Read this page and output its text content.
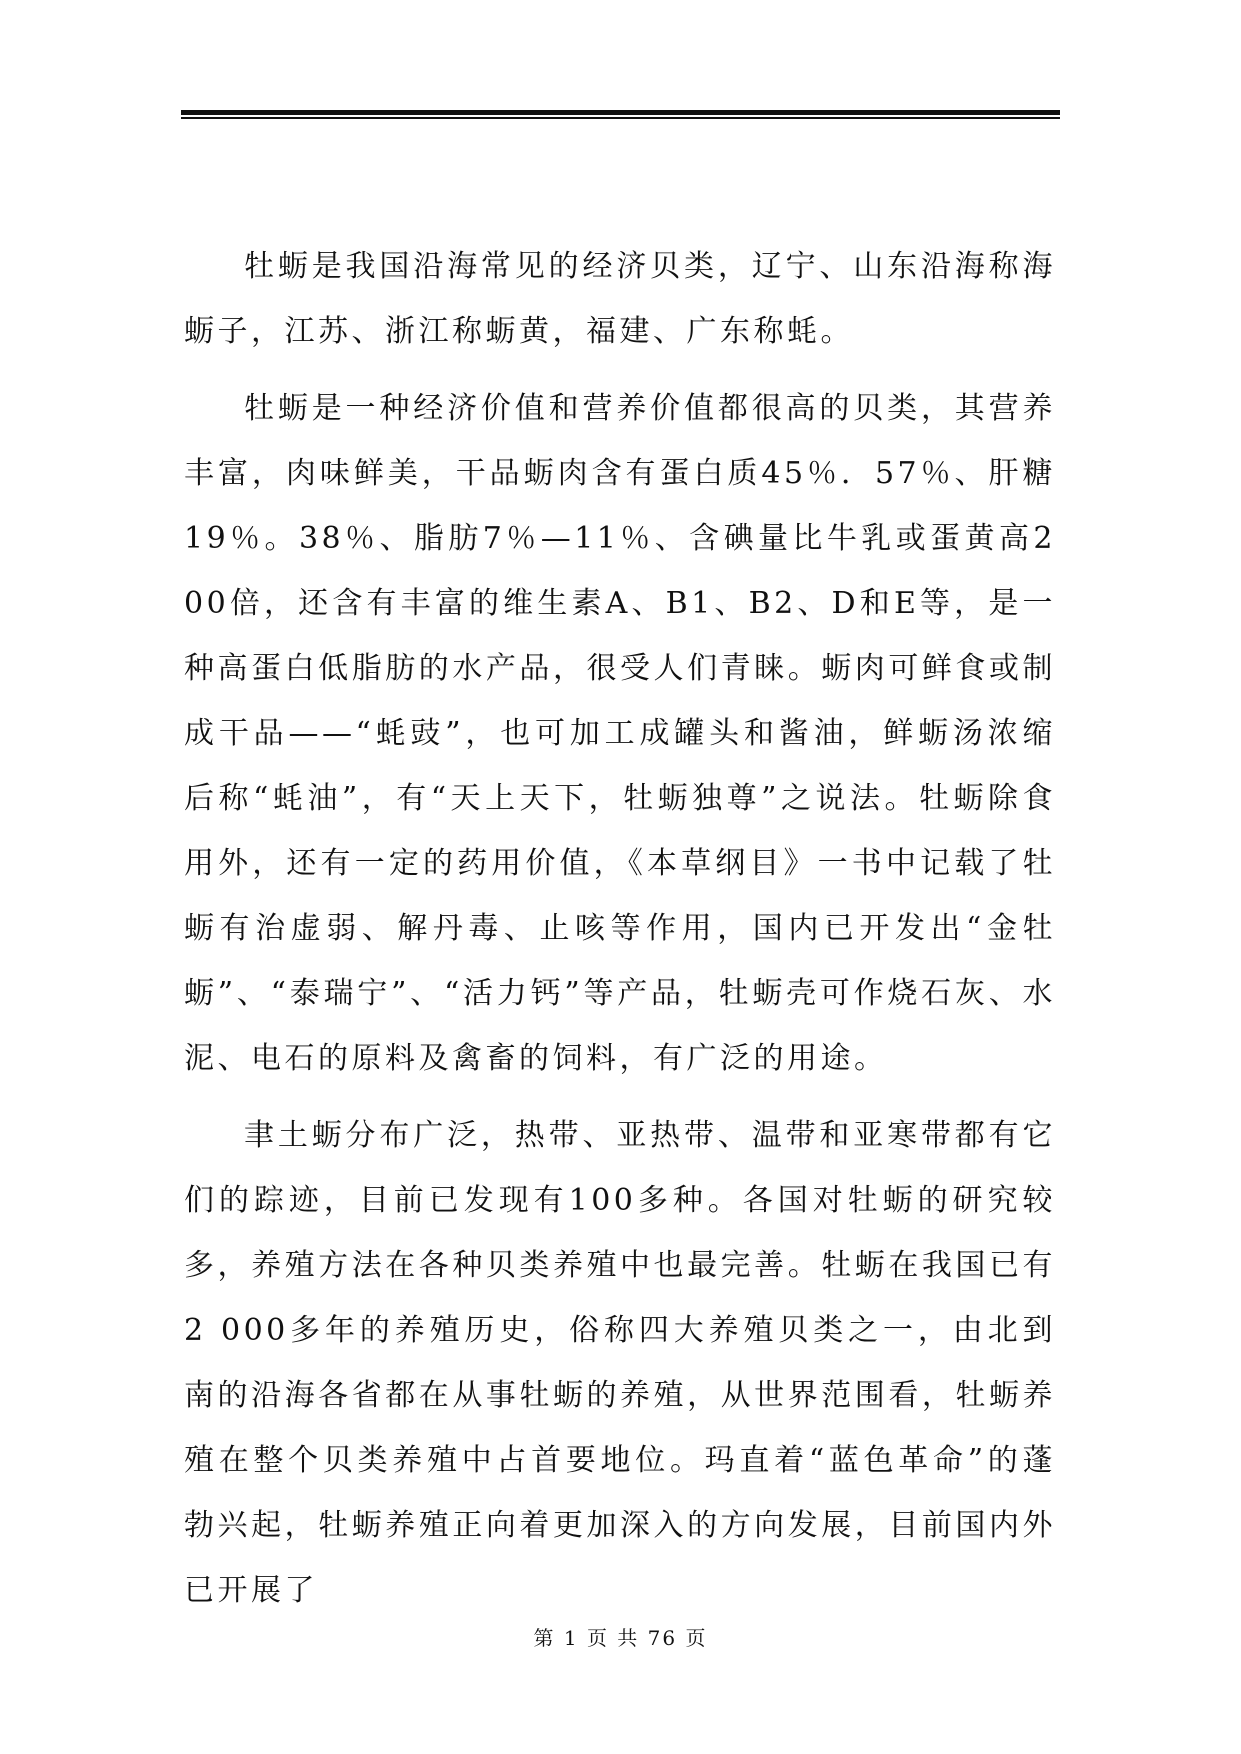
牡蛎是我国沿海常见的经济贝类，辽宁、山东沿海称海蛎子，江苏、浙江称蛎黄，福建、广东称蚝。

牡蛎是一种经济价值和营养价值都很高的贝类，其营养丰富，肉味鲜美，干品蛎肉含有蛋白质45％．57％、肝糖19％。38％、脂肪7％—11％、含碘量比牛乳或蛋黄高200倍，还含有丰富的维生素A、B1、B2、D和E等，是一种高蛋白低脂肪的水产品，很受人们青睐。蛎肉可鲜食或制成干品——“蚝豉”，也可加工成罐头和酱油，鲜蛎汤浓缩后称“蚝油”，有“天上天下，牡蛎独尊”之说法。牡蛎除食用外，还有一定的药用价值，《本草纲目》一书中记载了牡蛎有治虚弱、解丹毒、止咳等作用，国内已开发出“金牡蛎”、“泰瑞宁”、“活力钙”等产品，牡蛎壳可作烧石灰、水泥、电石的原料及禽畜的饲料，有广泛的用途。

聿土蛎分布广泛，热带、亚热带、温带和亚寒带都有它们的踪迹，目前已发现有100多种。各国对牡蛎的研究较多，养殖方法在各种贝类养殖中也最完善。牡蛎在我国已有2 000多年的养殖历史，俗称四大养殖贝类之一，由北到南的沿海各省都在从事牡蛎的养殖，从世界范围看，牡蛎养殖在整个贝类养殖中占首要地位。玛直着“蓝色革命”的蓬勃兴起，牡蛎养殖正向着更加深入的方向发展，目前国内外已开展了

第 1 页 共 76 页
